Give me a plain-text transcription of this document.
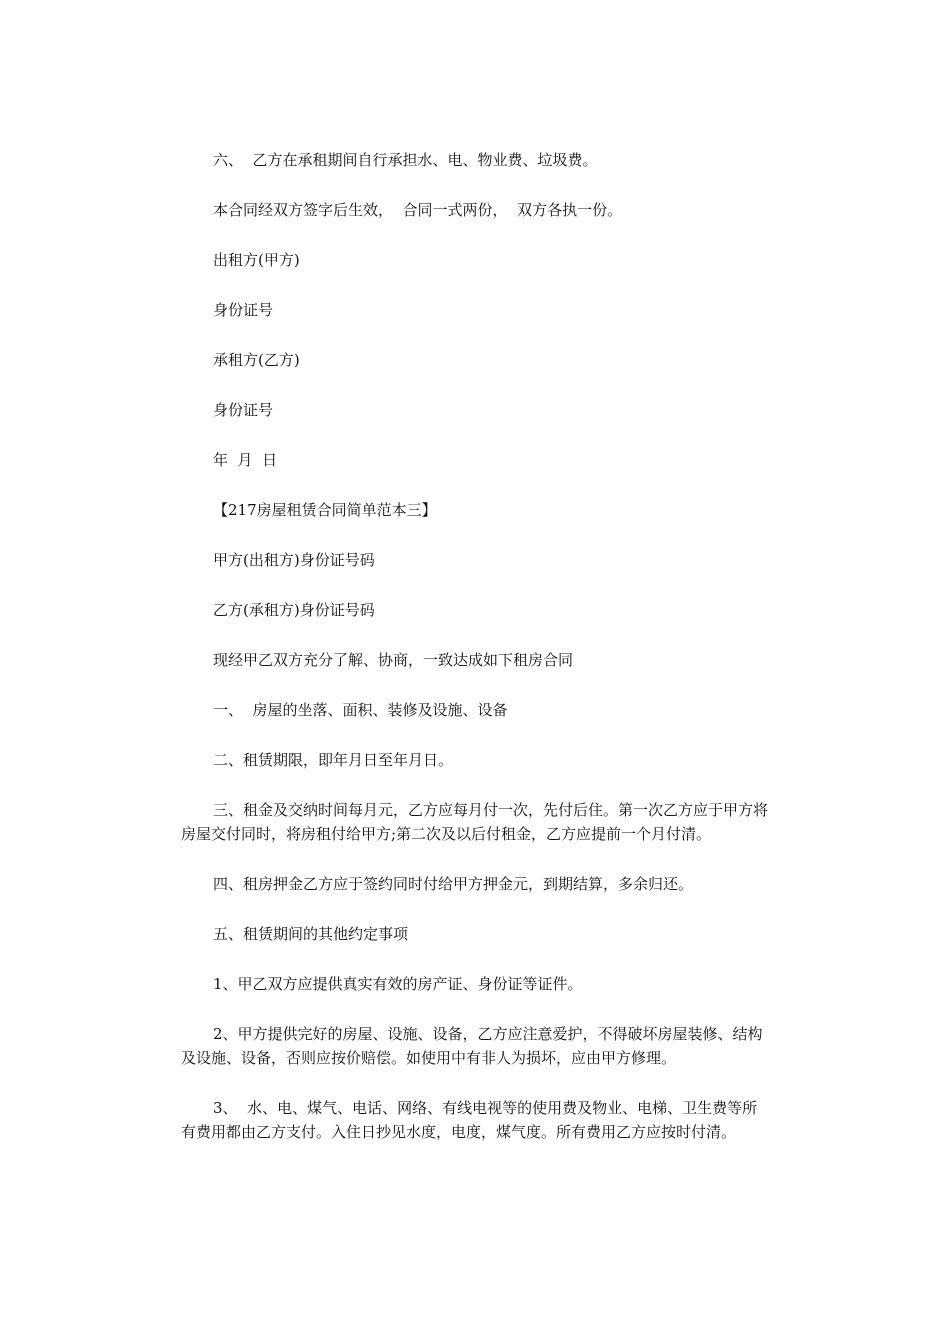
六、  乙方在承租期间自行承担水、电、物业费、垃圾费。

本合同经双方签字后生效，  合同一式两份，  双方各执一份。

出租方(甲方)

身份证号

承租方(乙方)

身份证号

年  月  日

【217房屋租赁合同简单范本三】

甲方(出租方)身份证号码

乙方(承租方)身份证号码

现经甲乙双方充分了解、协商，一致达成如下租房合同

一、  房屋的坐落、面积、装修及设施、设备

二、租赁期限，即年月日至年月日。

三、租金及交纳时间每月元，乙方应每月付一次，先付后住。第一次乙方应于甲方将房屋交付同时，将房租付给甲方;第二次及以后付租金，乙方应提前一个月付清。

四、租房押金乙方应于签约同时付给甲方押金元，到期结算，多余归还。

五、租赁期间的其他约定事项

1、甲乙双方应提供真实有效的房产证、身份证等证件。

2、甲方提供完好的房屋、设施、设备，乙方应注意爱护，不得破坏房屋装修、结构及设施、设备，否则应按价赔偿。如使用中有非人为损坏，应由甲方修理。

3、  水、电、煤气、电话、网络、有线电视等的使用费及物业、电梯、卫生费等所有费用都由乙方支付。入住日抄见水度，电度，煤气度。所有费用乙方应按时付清。
